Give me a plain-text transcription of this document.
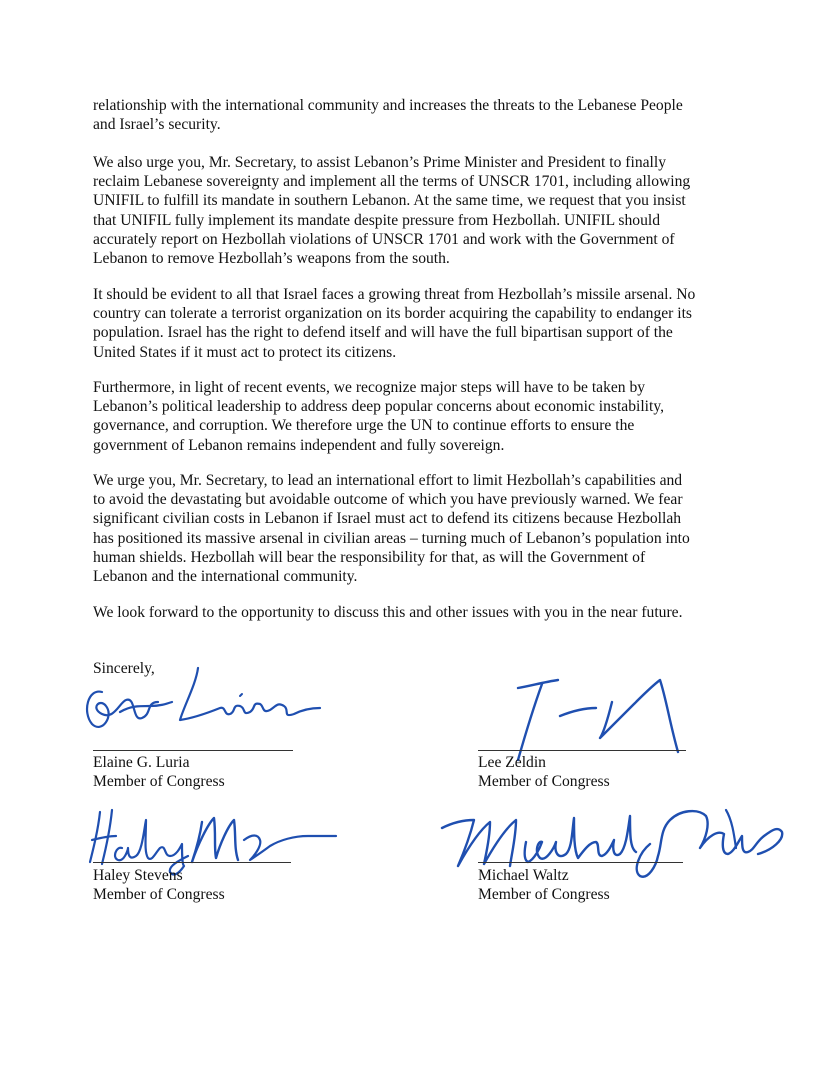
relationship with the international community and increases the threats to the Lebanese People
and Israel’s security.

We also urge you, Mr. Secretary, to assist Lebanon’s Prime Minister and President to finally
reclaim Lebanese sovereignty and implement all the terms of UNSCR 1701, including allowing
UNIFIL to fulfill its mandate in southern Lebanon. At the same time, we request that you insist
that UNIFIL fully implement its mandate despite pressure from Hezbollah. UNIFIL should
accurately report on Hezbollah violations of UNSCR 1701 and work with the Government of
Lebanon to remove Hezbollah’s weapons from the south.

It should be evident to all that Israel faces a growing threat from Hezbollah’s missile arsenal. No
country can tolerate a terrorist organization on its border acquiring the capability to endanger its
population. Israel has the right to defend itself and will have the full bipartisan support of the
United States if it must act to protect its citizens.

Furthermore, in light of recent events, we recognize major steps will have to be taken by
Lebanon’s political leadership to address deep popular concerns about economic instability,
governance, and corruption. We therefore urge the UN to continue efforts to ensure the
government of Lebanon remains independent and fully sovereign.

We urge you, Mr. Secretary, to lead an international effort to limit Hezbollah’s capabilities and
to avoid the devastating but avoidable outcome of which you have previously warned. We fear
significant civilian costs in Lebanon if Israel must act to defend its citizens because Hezbollah
has positioned its massive arsenal in civilian areas – turning much of Lebanon’s population into
human shields. Hezbollah will bear the responsibility for that, as will the Government of
Lebanon and the international community.

We look forward to the opportunity to discuss this and other issues with you in the near future.

Sincerely,
Elaine G. Luria
Member of Congress
Lee Zeldin
Member of Congress
Haley Stevens
Member of Congress
Michael Waltz
Member of Congress
